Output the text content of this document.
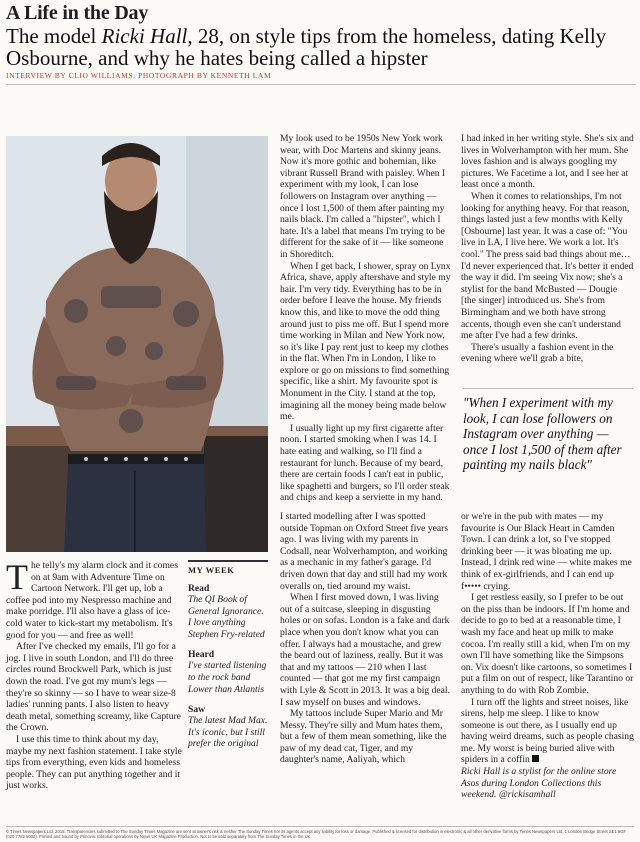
A Life in the Day
The model Ricki Hall, 28, on style tips from the homeless, dating Kelly Osbourne, and why he hates being called a hipster
INTERVIEW BY CLIO WILLIAMS. PHOTOGRAPH BY KENNETH LAM

The telly's my alarm clock and it comes on at 9am with Adventure Time on Cartoon Network. I'll get up, lob a coffee pod into my Nespresso machine and make porridge. I'll also have a glass of ice-cold water to kick-start my metabolism. It's good for you — and free as well!

After I've checked my emails, I'll go for a jog. I live in south London, and I'll do three circles round Brockwell Park, which is just down the road. I've got my mum's legs — they're so skinny — so I have to wear size-8 ladies' running pants. I also listen to heavy death metal, something screamy, like Capture the Crown.

I use this time to think about my day, maybe my next fashion statement. I take style tips from everything, even kids and homeless people. They can put anything together and it just works.

MY WEEK
Read
The QI Book of General Ignorance. I love anything Stephen Fry-related
Heard
I've started listening to the rock band Lower than Atlantis
Saw
The latest Mad Max. It's iconic, but I still prefer the original

My look used to be 1950s New York work wear, with Doc Martens and skinny jeans. Now it's more gothic and bohemian, like vibrant Russell Brand with paisley. When I experiment with my look, I can lose followers on Instagram over anything — once I lost 1,500 of them after painting my nails black. I'm called a "hipster", which I hate. It's a label that means I'm trying to be different for the sake of it — like someone in Shoreditch.

When I get back, I shower, spray on Lynx Africa, shave, apply aftershave and style my hair. I'm very tidy. Everything has to be in order before I leave the house. My friends know this, and like to move the odd thing around just to piss me off. But I spend more time working in Milan and New York now, so it's like I pay rent just to keep my clothes in the flat. When I'm in London, I like to explore or go on missions to find something specific, like a shirt. My favourite spot is Monument in the City. I stand at the top, imagining all the money being made below me.

I usually light up my first cigarette after noon. I started smoking when I was 14. I hate eating and walking, so I'll find a restaurant for lunch. Because of my beard, there are certain foods I can't eat in public, like spaghetti and burgers, so I'll order steak and chips and keep a serviette in my hand.

I had inked in her writing style. She's six and lives in Wolverhampton with her mum. She loves fashion and is always googling my pictures. We Facetime a lot, and I see her at least once a month.

When it comes to relationships, I'm not looking for anything heavy. For that reason, things lasted just a few months with Kelly [Osbourne] last year. It was a case of: "You live in LA, I live here. We work a lot. It's cool." The press said bad things about me… I'd never experienced that. It's better it ended the way it did. I'm seeing Vix now; she's a stylist for the band McBusted — Dougie [the singer] introduced us. She's from Birmingham and we both have strong accents, though even she can't understand me after I've had a few drinks.

There's usually a fashion event in the evening where we'll grab a bite,

"When I experiment with my look, I can lose followers on Instagram over anything — once I lost 1,500 of them after painting my nails black"

I started modelling after I was spotted outside Topman on Oxford Street five years ago. I was living with my parents in Codsall, near Wolverhampton, and working as a mechanic in my father's garage. I'd driven down that day and still had my work overalls on, tied around my waist.

When I first moved down, I was living out of a suitcase, sleeping in disgusting holes or on sofas. London is a fake and dark place when you don't know what you can offer. I always had a moustache, and grew the beard out of laziness, really. But it was that and my tattoos — 210 when I last counted — that got me my first campaign with Lyle & Scott in 2013. It was a big deal. I saw myself on buses and windows.

My tattoos include Super Mario and Mr Messy. They're silly and Mum hates them, but a few of them mean something, like the paw of my dead cat, Tiger, and my daughter's name, Aaliyah, which

or we're in the pub with mates — my favourite is Our Black Heart in Camden Town. I can drink a lot, so I've stopped drinking beer — it was bloating me up. Instead, I drink red wine — white makes me think of ex-girlfriends, and I can end up f••••• crying.

I get restless easily, so I prefer to be out on the piss than be indoors. If I'm home and decide to go to bed at a reasonable time, I wash my face and heat up milk to make cocoa. I'm really still a kid, when I'm on my own I'll have something like the Simpsons on. Vix doesn't like cartoons, so sometimes I put a film on out of respect, like Tarantino or anything to do with Rob Zombie.

I turn off the lights and street noises, like sirens, help me sleep. I like to know someone is out there, as I usually end up having weird dreams, such as people chasing me. My worst is being buried alive with spiders in a coffin

Ricki Hall is a stylist for the online store Asos during London Collections this weekend. @rickisamhall

© Times Newspapers Ltd. 2015. Transparencies submitted to The Sunday Times Magazine are sent at owner's risk & neither The Sunday Times nor its agents accept any liability for loss or damage. Published & licensed for distribution in electronic & all other derivative forms by Times Newspapers Ltd, 1 London Bridge Street SE1 9GF (020 7782 5000). Printed and bound by Prinovis. Editorial operations by News UK Magazine Production. Not to be sold separately from The Sunday Times in the UK.
